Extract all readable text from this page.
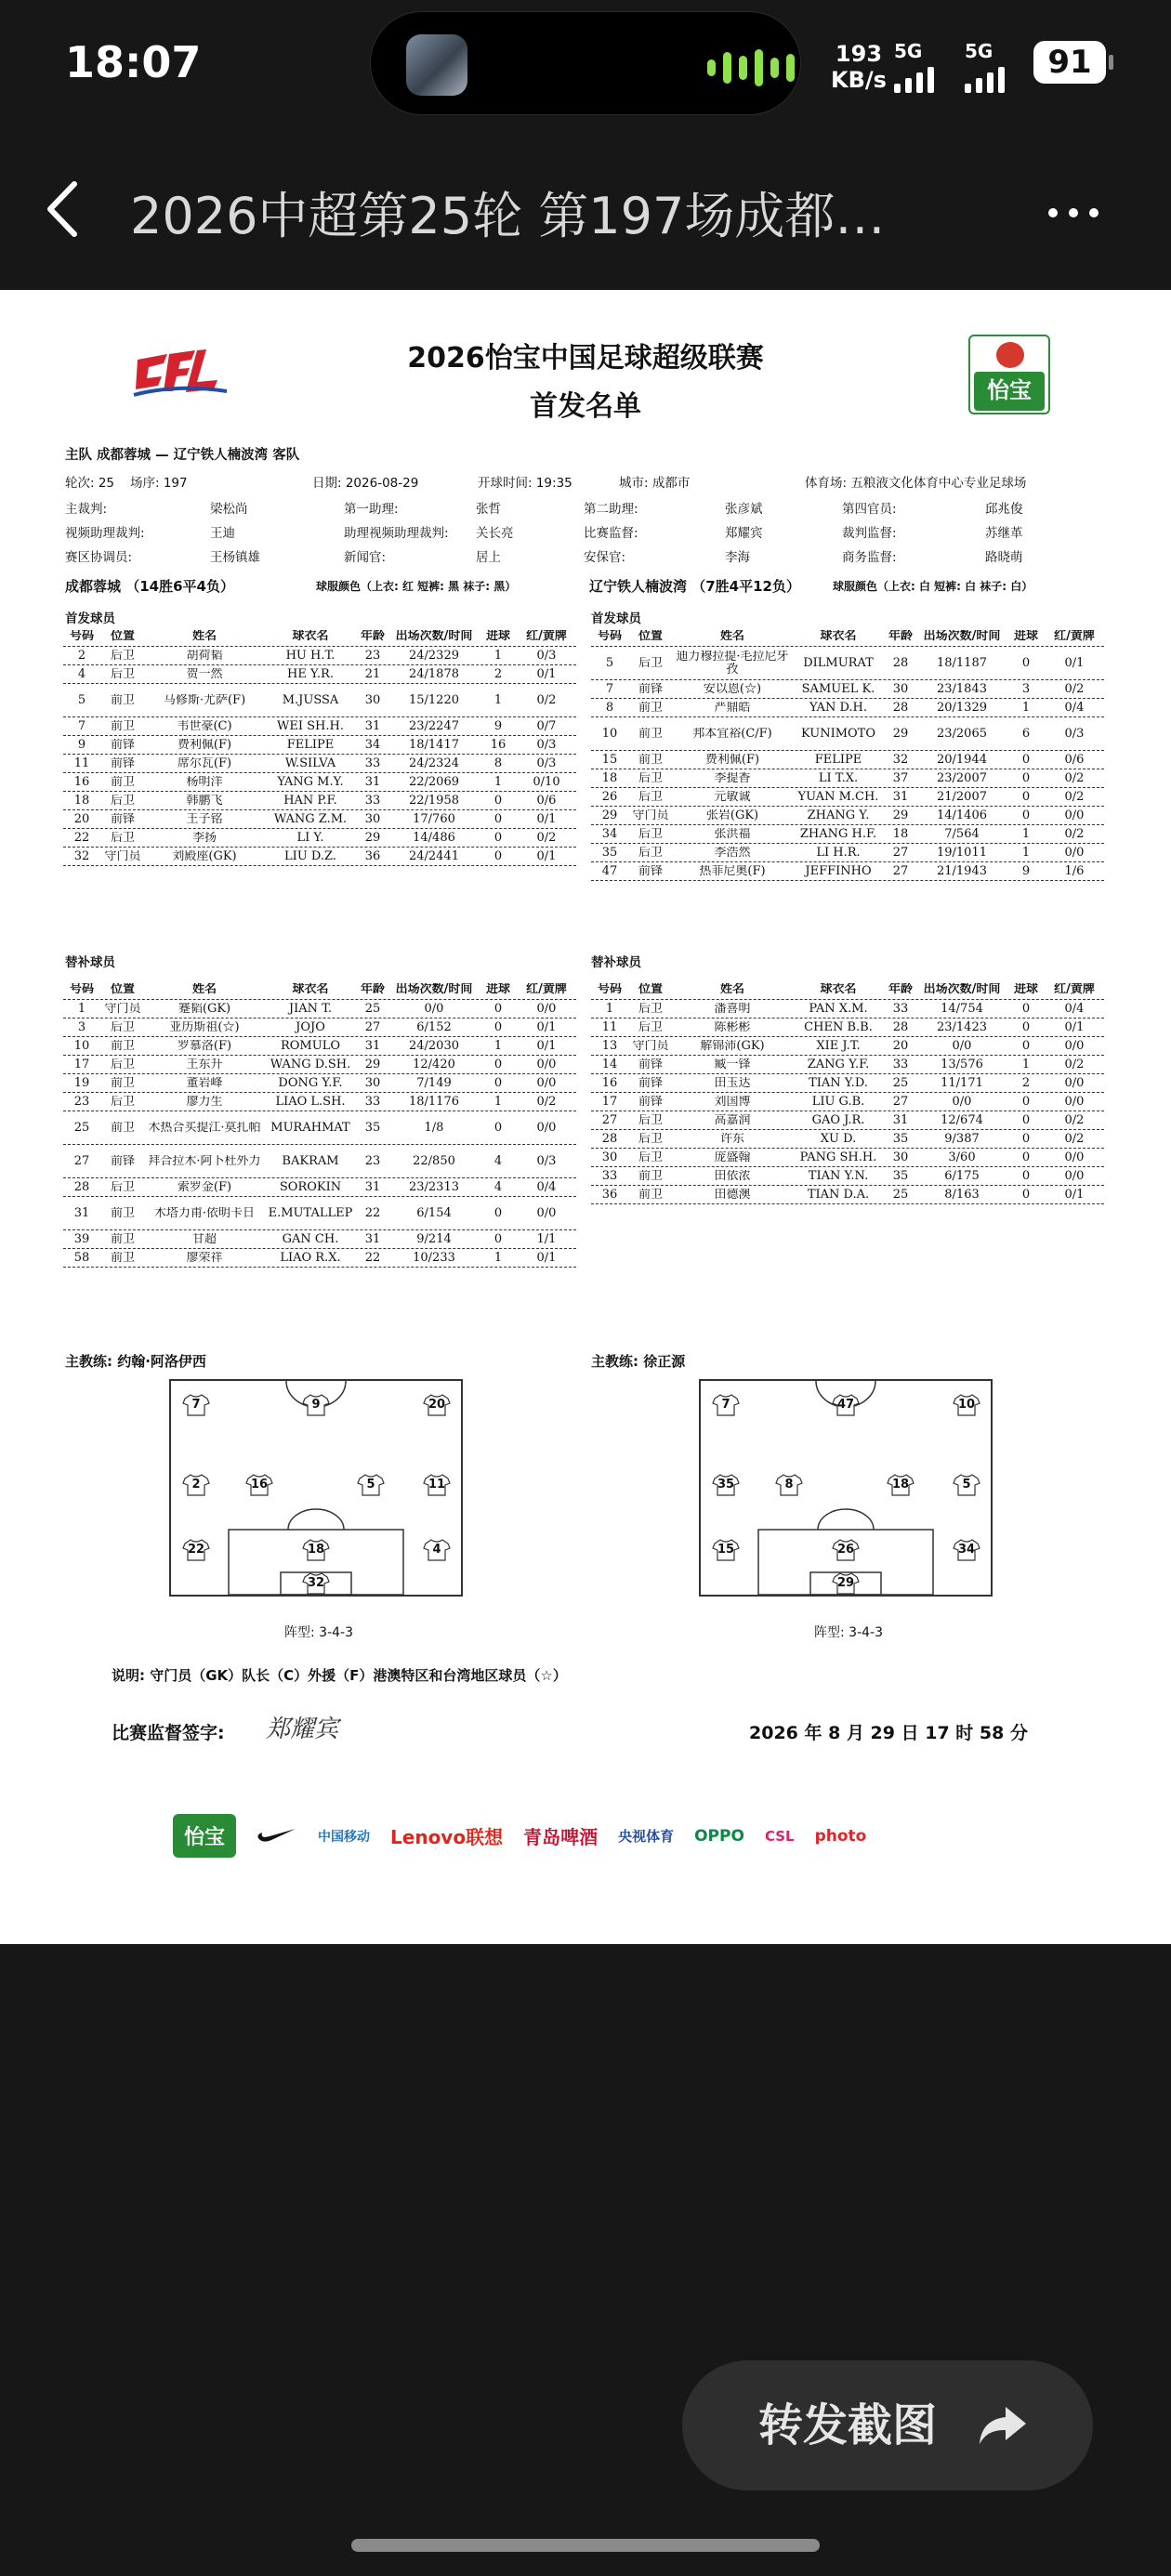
18:07	193
KB/s
5G	5G	91
2026中超第25轮 第197场成都…
怡宝
2026怡宝中国足球超级联赛
首发名单
主队 成都蓉城 — 辽宁铁人楠波湾 客队
轮次: 25 场序: 197	日期: 2026-08-29	开球时间: 19:35	城市: 成都市	体育场: 五粮液文化体育中心专业足球场
主裁判:	梁松尚	第一助理:	张哲	第二助理:	张彦斌	第四官员:	邱兆俊
视频助理裁判:	王迪	助理视频助理裁判: 关长亮	比赛监督:	郑耀宾	裁判监督:	苏继革
赛区协调员:	王杨镇雄	新闻官:	居上	安保官:	李海	商务监督:	路晓萌
成都蓉城 （14胜6平4负）	球服颜色（上衣: 红 短裤: 黑 袜子: 黑）	辽宁铁人楠波湾 （7胜4平12负）	球服颜色（上衣: 白 短裤: 白 袜子: 白）
首发球员	首发球员
号码	位置	姓名	球衣名	年龄 出场次数/时间	进球	红/黄牌
2	后卫	胡荷韬	HU H.T.	23	24/2329	1	0/3
4	后卫	贺一然	HE Y.R.	21	24/1878	2	0/1
5	前卫	马修斯·尤萨(F)	M.JUSSA	30	15/1220	1	0/2
7	前卫	韦世豪(C)	WEI SH.H.	31	23/2247	9	0/7
9	前锋	费利佩(F)	FELIPE	34	18/1417	16	0/3
11	前锋	席尔瓦(F)	W.SILVA	33	24/2324	8	0/3
16	前卫	杨明洋	YANG M.Y.	31	22/2069	1	0/10
18	后卫	韩鹏飞	HAN P.F.	33	22/1958	0	0/6
20	前锋	王子铭	WANG Z.M.	30	17/760	0	0/1
22	后卫	李扬	LI Y.	29	14/486	0	0/2
32	守门员	刘殿座(GK)	LIU D.Z.	36	24/2441	0	0/1
号码	位置	姓名	球衣名	年龄 出场次数/时间	进球	红/黄牌
5	后卫	迪力穆拉提·毛拉尼牙孜	DILMURAT	28	18/1187	0	0/1
7	前锋	安以恩(☆)	SAMUEL K.	30	23/1843	3	0/2
8	前卫	严鼎皓	YAN D.H.	28	20/1329	1	0/4
10	前卫	邦本宜裕(C/F)	KUNIMOTO	29	23/2065	6	0/3
15	前卫	费利佩(F)	FELIPE	32	20/1944	0	0/6
18	后卫	李提香	LI T.X.	37	23/2007	0	0/2
26	后卫	元敏诚	YUAN M.CH.	31	21/2007	0	0/2
29	守门员	张岩(GK)	ZHANG Y.	29	14/1406	0	0/0
34	后卫	张洪福	ZHANG H.F.	18	7/564	1	0/2
35	后卫	李浩然	LI H.R.	27	19/1011	1	0/0
47	前锋	热菲尼奥(F)	JEFFINHO	27	21/1943	9	1/6
替补球员	替补球员
号码	位置	姓名	球衣名	年龄 出场次数/时间	进球	红/黄牌
1	守门员	蹇韬(GK)	JIAN T.	25	0/0	0	0/0
3	后卫	亚历斯祖(☆)	JOJO	27	6/152	0	0/1
10	前卫	罗慕洛(F)	ROMULO	31	24/2030	1	0/1
17	后卫	王东升	WANG D.SH.	29	12/420	0	0/0
19	前卫	董岩峰	DONG Y.F.	30	7/149	0	0/0
23	后卫	廖力生	LIAO L.SH.	33	18/1176	1	0/2
25	前卫	木热合买提江·莫扎帕 MURAHMAT	35	1/8	0	0/0
27	前锋	拜合拉木·阿卜杜外力	BAKRAM	23	22/850	4	0/3
28	后卫	索罗金(F)	SOROKIN	31	23/2313	4	0/4
31	前卫	木塔力甫·依明卡日	E.MUTALLEP	22	6/154	0	0/0
39	前卫	甘超	GAN CH.	31	9/214	0	1/1
58	前卫	廖荣祥	LIAO R.X.	22	10/233	1	0/1
号码	位置	姓名	球衣名	年龄 出场次数/时间	进球	红/黄牌
1	后卫	潘喜明	PAN X.M.	33	14/754	0	0/4
11	后卫	陈彬彬	CHEN B.B.	28	23/1423	0	0/1
13	守门员	解锦沛(GK)	XIE J.T.	20	0/0	0	0/0
14	前锋	臧一锋	ZANG Y.F.	33	13/576	1	0/2
16	前锋	田玉达	TIAN Y.D.	25	11/171	2	0/0
17	前锋	刘国博	LIU G.B.	27	0/0	0	0/0
27	后卫	高嘉润	GAO J.R.	31	12/674	0	0/2
28	后卫	许东	XU D.	35	9/387	0	0/2
30	后卫	庞盛翰	PANG SH.H.	30	3/60	0	0/0
33	前卫	田依浓	TIAN Y.N.	35	6/175	0	0/0
36	前卫	田德澳	TIAN D.A.	25	8/163	0	0/1
主教练: 约翰·阿洛伊西	主教练: 徐正源
7	9	20
2	16	5	11
22	18	4
32
7	47	10
35	8	18	5
15	26	34
29
阵型: 3-4-3	阵型: 3-4-3
说明: 守门员（GK）队长（C）外援（F）港澳特区和台湾地区球员（☆）
比赛监督签字: 郑耀宾	2026 年 8 月 29 日 17 时 58 分
怡宝	中国移动 Lenovo联想 青岛啤酒 央视体育 OPPO CSL photo
转发截图
